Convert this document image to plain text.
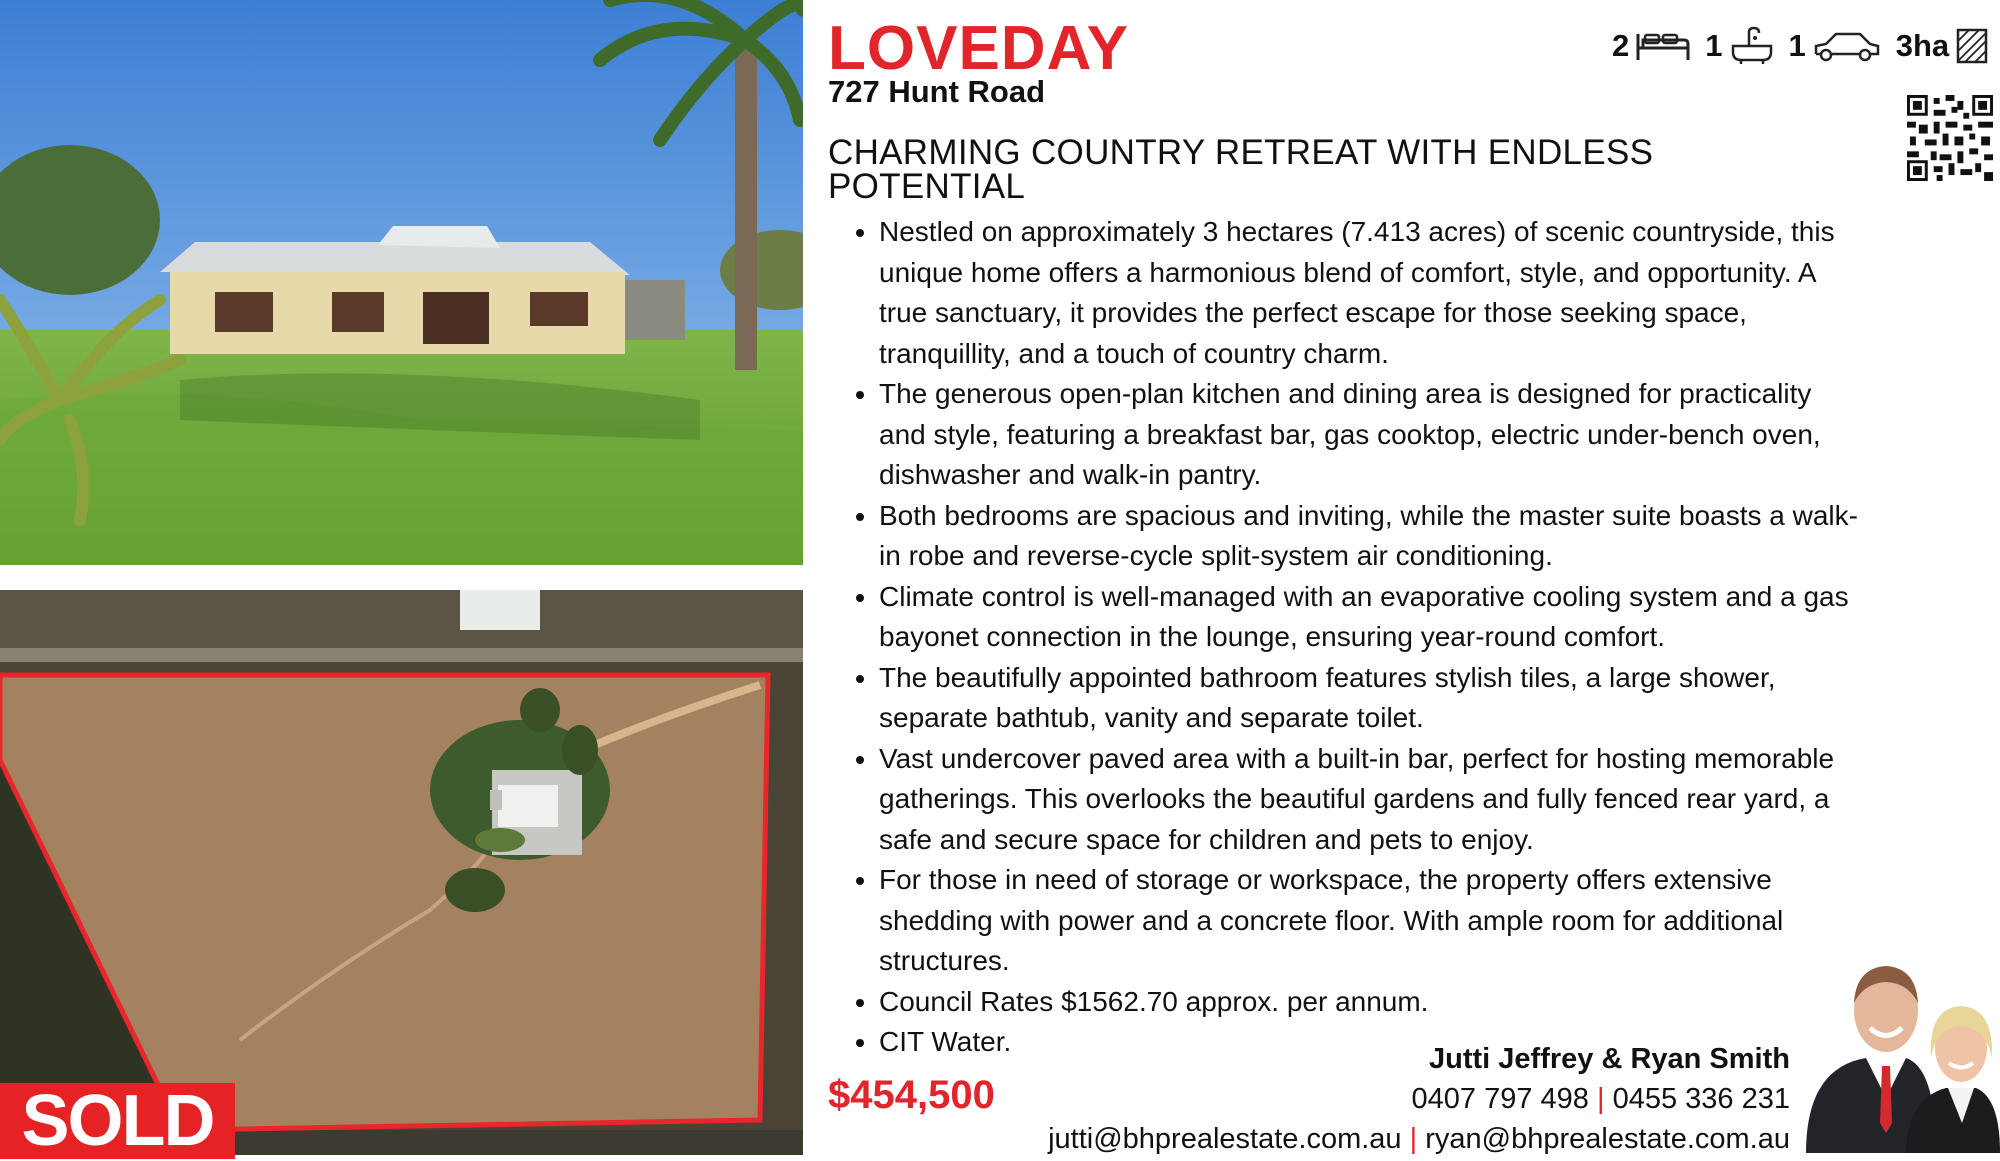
SOLD
LOVEDAY
727 Hunt Road
2 1 1	3ha
CHARMING COUNTRY RETREAT WITH ENDLESS POTENTIAL
• Nestled on approximately 3 hectares (7.413 acres) of scenic countryside, this unique home offers a harmonious blend of comfort, style, and opportunity. A true sanctuary, it provides the perfect escape for those seeking space, tranquillity, and a touch of country charm.
• The generous open-plan kitchen and dining area is designed for practicality and style, featuring a breakfast bar, gas cooktop, electric under-bench oven, dishwasher and walk-in pantry.
• Both bedrooms are spacious and inviting, while the master suite boasts a walk-in robe and reverse-cycle split-system air conditioning.
• Climate control is well-managed with an evaporative cooling system and a gas bayonet connection in the lounge, ensuring year-round comfort.
• The beautifully appointed bathroom features stylish tiles, a large shower, separate bathtub, vanity and separate toilet.
• Vast undercover paved area with a built-in bar, perfect for hosting memorable gatherings. This overlooks the beautiful gardens and fully fenced rear yard, a safe and secure space for children and pets to enjoy.
• For those in need of storage or workspace, the property offers extensive shedding with power and a concrete floor. With ample room for additional structures.
• Council Rates $1562.70 approx. per annum.
• CIT Water.
$454,500
Jutti Jeffrey & Ryan Smith
0407 797 498 | 0455 336 231
jutti@bhprealestate.com.au | ryan@bhprealestate.com.au
